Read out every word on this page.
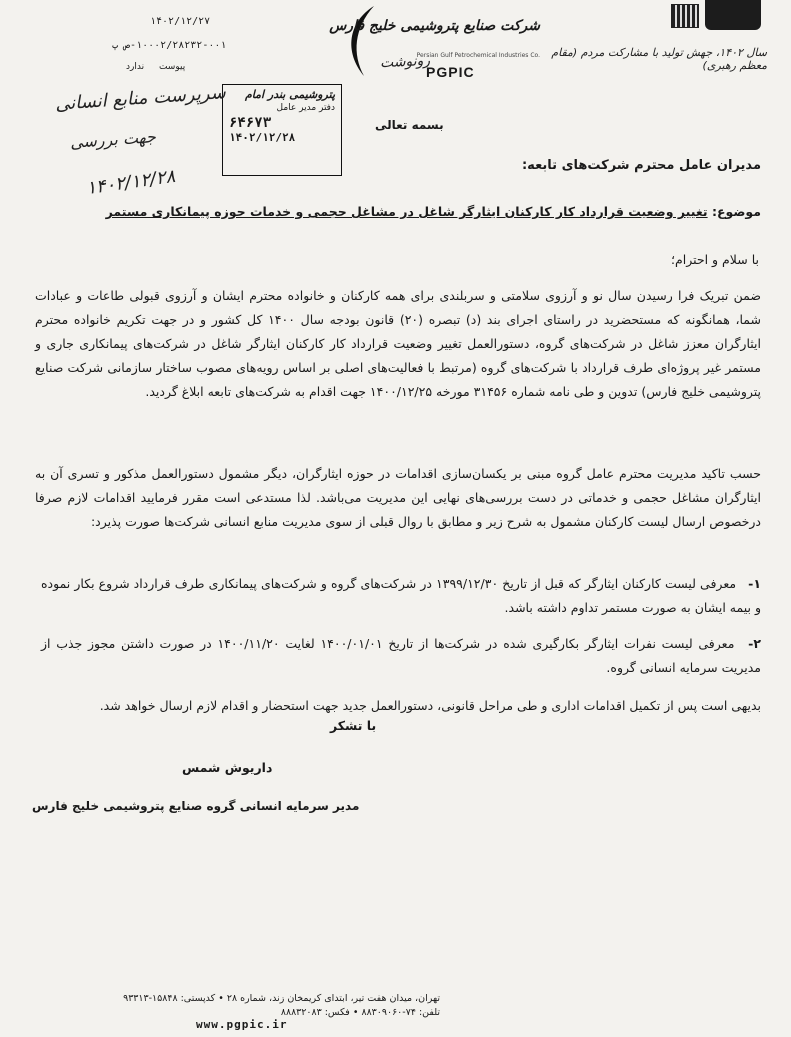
سال ۱۴۰۲، جهش تولید با مشارکت مردم (مقام معظم رهبری)
شرکت صنایع پتروشیمی خلیج فارس
Persian Gulf Petrochemical Industries Co.
PGPIC
۱۴۰۲/۱۲/۲۷
۱۰۰۰۲/۲۸۲۳۲-۰۰۱-ص پ
پیوست ندارد	رونوشت
پتروشیمی بندر امام
دفتر مدیر عامل
۶۴۶۷۳
۱۴۰۲/۱۲/۲۸
سرپرست منابع انسانی
جهت بررسی
۱۴۰۲/۱۲/۲۸
بسمه تعالی
مدیران عامل محترم شرکت‌های تابعه:
موضوع: تغییر وضعیت قرارداد کار کارکنان ایثارگر شاغل در مشاغل حجمی و خدمات حوزه پیمانکاری مستمر
با سلام و احترام؛
ضمن تبریک فرا رسیدن سال نو و آرزوی سلامتی و سربلندی برای همه کارکنان و خانواده محترم ایشان و آرزوی قبولی طاعات و عبادات شما، همانگونه که مستحضرید در راستای اجرای بند (د) تبصره (۲۰) قانون بودجه سال ۱۴۰۰ کل کشور و در جهت تکریم خانواده محترم ایثارگران معزز شاغل در شرکت‌های گروه، دستورالعمل تغییر وضعیت قرارداد کار کارکنان ایثارگر شاغل در شرکت‌های پیمانکاری جاری و مستمر غیر پروژه‌ای طرف قرارداد با شرکت‌های گروه (مرتبط با فعالیت‌های اصلی بر اساس رویه‌های مصوب ساختار سازمانی شرکت صنایع پتروشیمی خلیج فارس) تدوین و طی نامه شماره ۳۱۴۵۶ مورخه ۱۴۰۰/۱۲/۲۵ جهت اقدام به شرکت‌های تابعه ابلاغ گردید.
حسب تاکید مدیریت محترم عامل گروه مبنی بر یکسان‌سازی اقدامات در حوزه ایثارگران، دیگر مشمول دستورالعمل مذکور و تسری آن به ایثارگران مشاغل حجمی و خدماتی در دست بررسی‌های نهایی این مدیریت می‌باشد. لذا مستدعی است مقرر فرمایید اقدامات لازم صرفا درخصوص ارسال لیست کارکنان مشمول به شرح زیر و مطابق با روال قبلی از سوی مدیریت منابع انسانی شرکت‌ها صورت پذیرد:
۱- معرفی لیست کارکنان ایثارگر که قبل از تاریخ ۱۳۹۹/۱۲/۳۰ در شرکت‌های گروه و شرکت‌های پیمانکاری طرف قرارداد شروع بکار نموده و بیمه ایشان به صورت مستمر تداوم داشته باشد.
۲- معرفی لیست نفرات ایثارگر بکارگیری شده در شرکت‌ها از تاریخ ۱۴۰۰/۰۱/۰۱ لغایت ۱۴۰۰/۱۱/۲۰ در صورت داشتن مجوز جذب از مدیریت سرمایه انسانی گروه.
بدیهی است پس از تکمیل اقدامات اداری و طی مراحل قانونی، دستورالعمل جدید جهت استحضار و اقدام لازم ارسال خواهد شد.
با تشکر
داریوش شمس
مدیر سرمایه انسانی گروه صنایع پتروشیمی خلیج فارس
تهران، میدان هفت تیر، ابتدای کریمخان زند، شماره ۲۸ • کدپستی: ۱۵۸۴۸-۹۳۳۱۳
تلفن: ۷۴-۸۸۳۰۹۰۶۰ • فکس: ۸۸۸۳۲۰۸۳
www.pgpic.ir
